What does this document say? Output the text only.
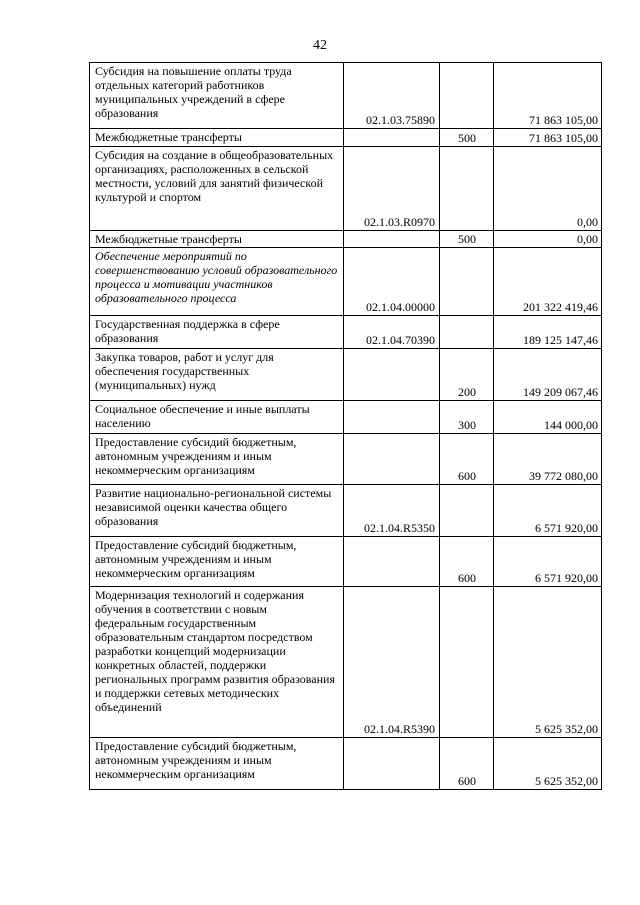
42
Субсидия на повышение оплаты труда отдельных категорий работников муниципальных учреждений в сфере образования	02.1.03.75890		71 863 105,00
Межбюджетные трансферты		500	71 863 105,00
Субсидия на создание в общеобразовательных организациях, расположенных в сельской местности, условий для занятий физической культурой и спортом	02.1.03.R0970		0,00
Межбюджетные трансферты		500	0,00
Обеспечение мероприятий по совершенствованию условий образовательного процесса и мотивации участников образовательного процесса	02.1.04.00000		201 322 419,46
Государственная поддержка в сфере образования	02.1.04.70390		189 125 147,46
Закупка товаров, работ и услуг для обеспечения государственных (муниципальных) нужд		200	149 209 067,46
Социальное обеспечение и иные выплаты населению		300	144 000,00
Предоставление субсидий бюджетным, автономным учреждениям и иным некоммерческим организациям		600	39 772 080,00
Развитие национально-региональной системы независимой оценки качества общего образования	02.1.04.R5350		6 571 920,00
Предоставление субсидий бюджетным, автономным учреждениям и иным некоммерческим организациям		600	6 571 920,00
Модернизация технологий и содержания обучения в соответствии с новым федеральным государственным образовательным стандартом посредством разработки концепций модернизации конкретных областей, поддержки региональных программ развития образования и поддержки сетевых методических объединений	02.1.04.R5390		5 625 352,00
Предоставление субсидий бюджетным, автономным учреждениям и иным некоммерческим организациям		600	5 625 352,00
